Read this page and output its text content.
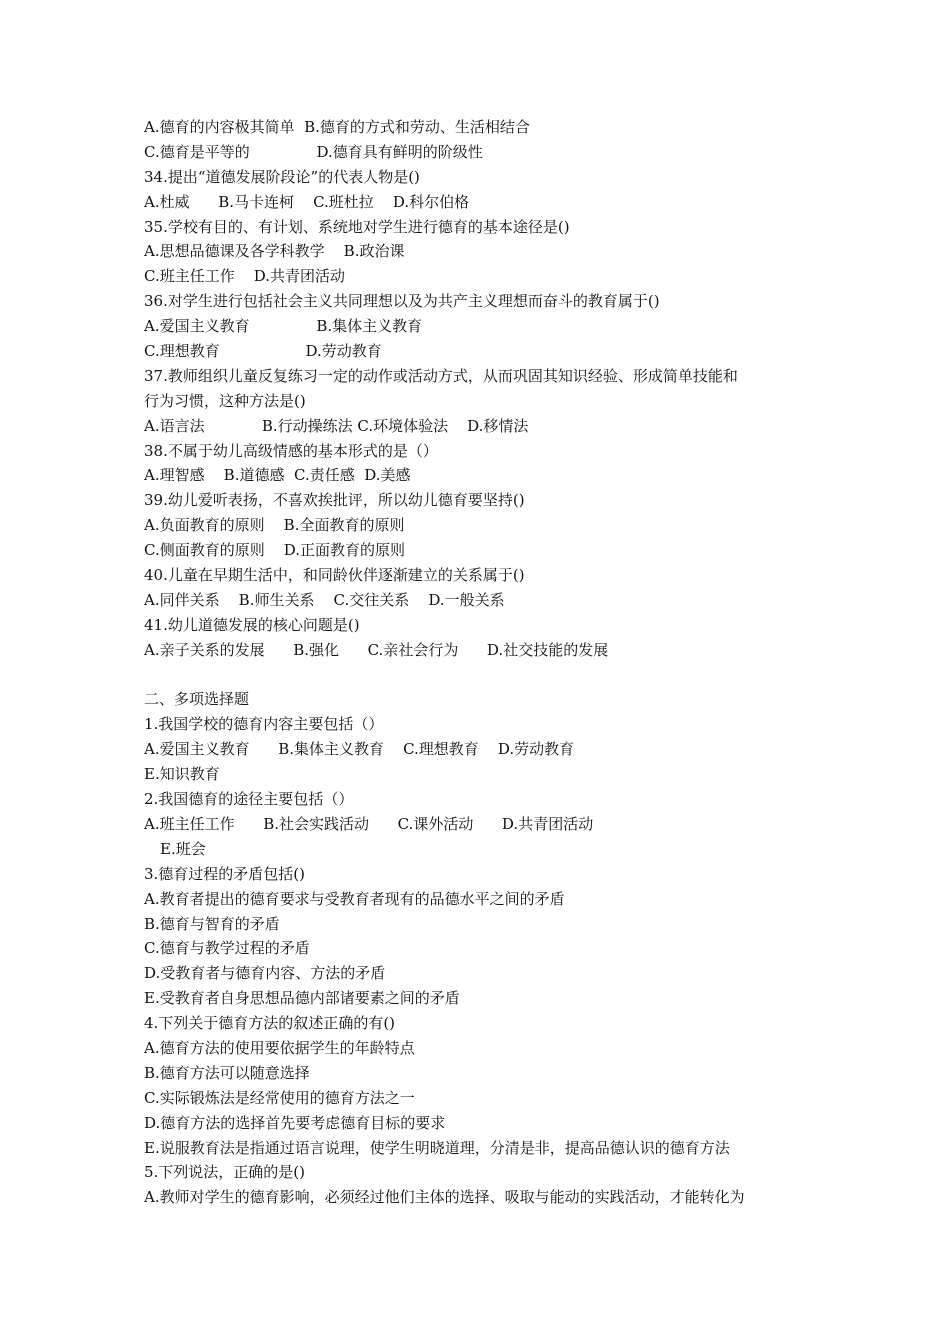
A.德育的内容极其简单  B.德育的方式和劳动、生活相结合
C.德育是平等的              D.德育具有鲜明的阶级性
34.提出“道德发展阶段论”的代表人物是()
A.杜威      B.马卡连柯    C.班杜拉    D.科尔伯格
35.学校有目的、有计划、系统地对学生进行德育的基本途径是()
A.思想品德课及各学科教学    B.政治课
C.班主任工作    D.共青团活动
36.对学生进行包括社会主义共同理想以及为共产主义理想而奋斗的教育属于()
A.爱国主义教育              B.集体主义教育
C.理想教育                  D.劳动教育
37.教师组织儿童反复练习一定的动作或活动方式，从而巩固其知识经验、形成简单技能和
行为习惯，这种方法是()
A.语言法            B.行动操练法 C.环境体验法    D.移情法
38.不属于幼儿高级情感的基本形式的是（）
A.理智感    B.道德感  C.责任感  D.美感
39.幼儿爱听表扬，不喜欢挨批评，所以幼儿德育要坚持()
A.负面教育的原则    B.全面教育的原则
C.侧面教育的原则    D.正面教育的原则
40.儿童在早期生活中，和同龄伙伴逐渐建立的关系属于()
A.同伴关系    B.师生关系    C.交往关系    D.一般关系
41.幼儿道德发展的核心问题是()
A.亲子关系的发展      B.强化      C.亲社会行为      D.社交技能的发展
二、多项选择题
1.我国学校的德育内容主要包括（）
A.爱国主义教育      B.集体主义教育    C.理想教育    D.劳动教育
E.知识教育
2.我国德育的途径主要包括（）
A.班主任工作      B.社会实践活动      C.课外活动      D.共青团活动
E.班会
3.德育过程的矛盾包括()
A.教育者提出的德育要求与受教育者现有的品德水平之间的矛盾
B.德育与智育的矛盾
C.德育与教学过程的矛盾
D.受教育者与德育内容、方法的矛盾
E.受教育者自身思想品德内部诸要素之间的矛盾
4.下列关于德育方法的叙述正确的有()
A.德育方法的使用要依据学生的年龄特点
B.德育方法可以随意选择
C.实际锻炼法是经常使用的德育方法之一
D.德育方法的选择首先要考虑德育目标的要求
E.说服教育法是指通过语言说理，使学生明晓道理，分清是非，提高品德认识的德育方法
5.下列说法，正确的是()
A.教师对学生的德育影响，必须经过他们主体的选择、吸取与能动的实践活动，才能转化为
